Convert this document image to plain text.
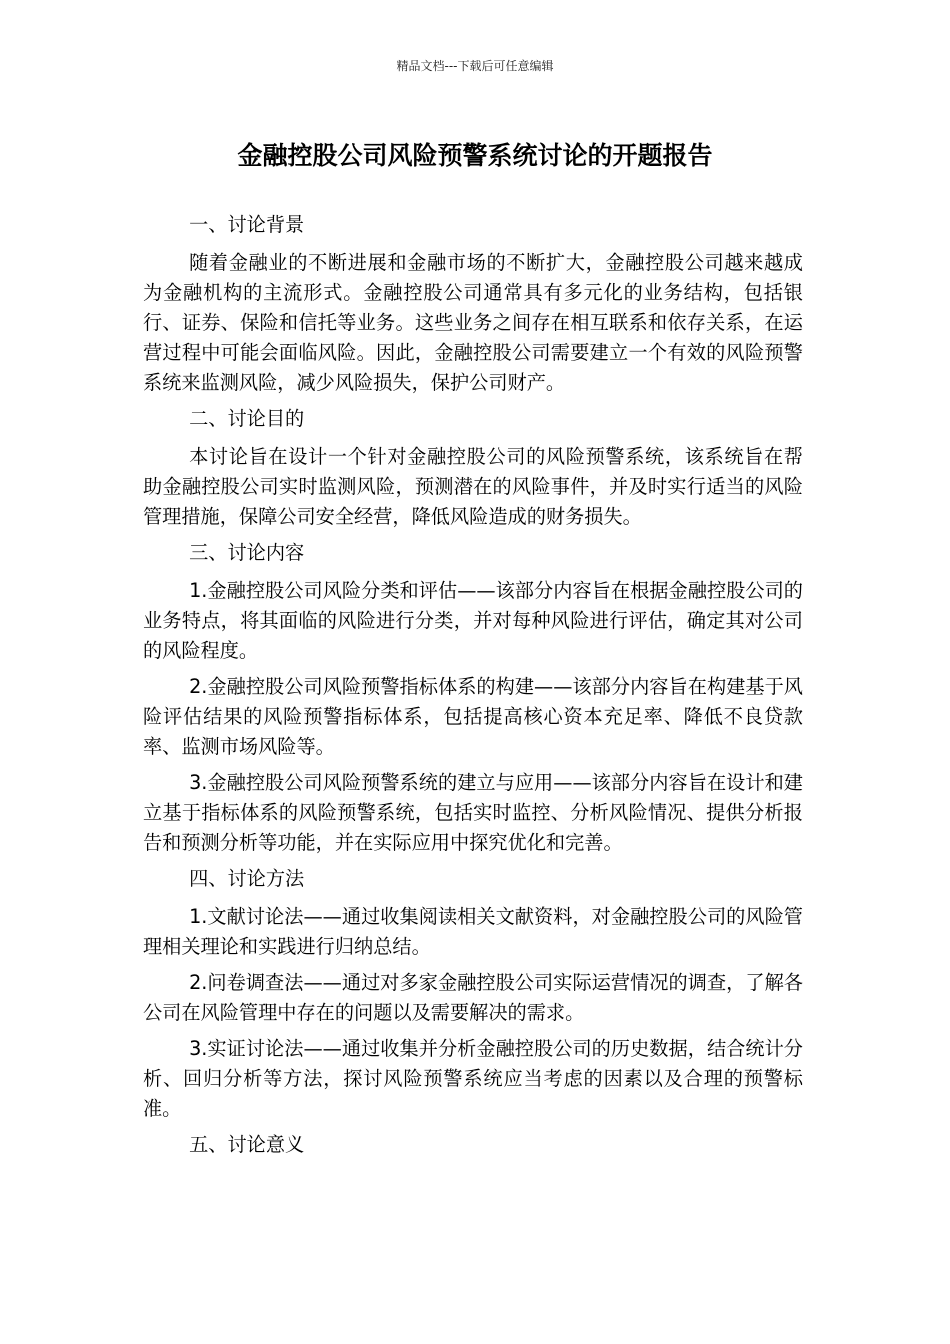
精品文档---下载后可任意编辑
金融控股公司风险预警系统讨论的开题报告

一、讨论背景

随着金融业的不断进展和金融市场的不断扩大，金融控股公司越来越成为金融机构的主流形式。金融控股公司通常具有多元化的业务结构，包括银行、证券、保险和信托等业务。这些业务之间存在相互联系和依存关系，在运营过程中可能会面临风险。因此，金融控股公司需要建立一个有效的风险预警系统来监测风险，减少风险损失，保护公司财产。

二、讨论目的

本讨论旨在设计一个针对金融控股公司的风险预警系统，该系统旨在帮助金融控股公司实时监测风险，预测潜在的风险事件，并及时实行适当的风险管理措施，保障公司安全经营，降低风险造成的财务损失。

三、讨论内容

1.金融控股公司风险分类和评估——该部分内容旨在根据金融控股公司的业务特点，将其面临的风险进行分类，并对每种风险进行评估，确定其对公司的风险程度。

2.金融控股公司风险预警指标体系的构建——该部分内容旨在构建基于风险评估结果的风险预警指标体系，包括提高核心资本充足率、降低不良贷款率、监测市场风险等。

3.金融控股公司风险预警系统的建立与应用——该部分内容旨在设计和建立基于指标体系的风险预警系统，包括实时监控、分析风险情况、提供分析报告和预测分析等功能，并在实际应用中探究优化和完善。

四、讨论方法

1.文献讨论法——通过收集阅读相关文献资料，对金融控股公司的风险管理相关理论和实践进行归纳总结。

2.问卷调查法——通过对多家金融控股公司实际运营情况的调查，了解各公司在风险管理中存在的问题以及需要解决的需求。

3.实证讨论法——通过收集并分析金融控股公司的历史数据，结合统计分析、回归分析等方法，探讨风险预警系统应当考虑的因素以及合理的预警标准。

五、讨论意义
